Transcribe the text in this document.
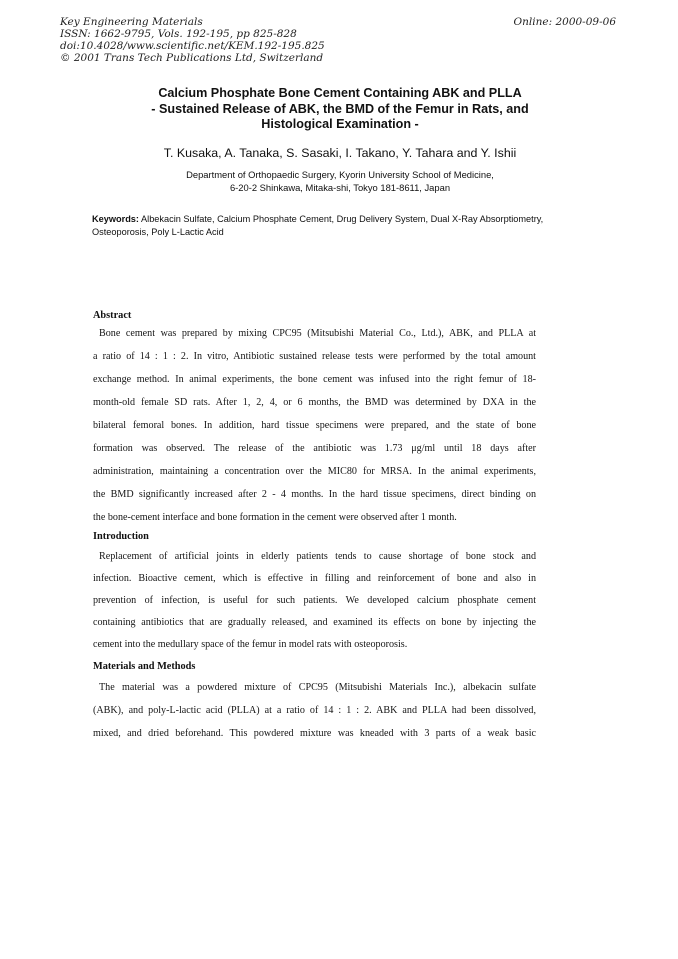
Key Engineering Materials
ISSN: 1662-9795, Vols. 192-195, pp 825-828
doi:10.4028/www.scientific.net/KEM.192-195.825
© 2001 Trans Tech Publications Ltd, Switzerland
Online: 2000-09-06
Calcium Phosphate Bone Cement Containing ABK and PLLA
- Sustained Release of ABK, the BMD of the Femur in Rats, and
Histological Examination -
T. Kusaka, A. Tanaka, S. Sasaki, I. Takano, Y. Tahara and Y. Ishii
Department of Orthopaedic Surgery, Kyorin University School of Medicine,
6-20-2 Shinkawa, Mitaka-shi, Tokyo 181-8611, Japan
Keywords: Albekacin Sulfate, Calcium Phosphate Cement, Drug Delivery System, Dual X-Ray Absorptiometry, Osteoporosis, Poly L-Lactic Acid
Abstract
Bone cement was prepared by mixing CPC95 (Mitsubishi Material Co., Ltd.), ABK, and PLLA at
a ratio of 14 : 1 : 2. In vitro, Antibiotic sustained release tests were performed by the total amount
exchange method. In animal experiments, the bone cement was infused into the right femur of 18-
month-old female SD rats. After 1, 2, 4, or 6 months, the BMD was determined by DXA in the
bilateral femoral bones. In addition, hard tissue specimens were prepared, and the state of bone
formation was observed. The release of the antibiotic was 1.73 μg/ml until 18 days after
administration, maintaining a concentration over the MIC80 for MRSA. In the animal experiments,
the BMD significantly increased after 2 - 4 months. In the hard tissue specimens, direct binding on
the bone-cement interface and bone formation in the cement were observed after 1 month.
Introduction
Replacement of artificial joints in elderly patients tends to cause shortage of bone stock and
infection. Bioactive cement, which is effective in filling and reinforcement of bone and also in
prevention of infection, is useful for such patients. We developed calcium phosphate cement
containing antibiotics that are gradually released, and examined its effects on bone by injecting the
cement into the medullary space of the femur in model rats with osteoporosis.
Materials and Methods
The material was a powdered mixture of CPC95 (Mitsubishi Materials Inc.), albekacin sulfate
(ABK), and poly-L-lactic acid (PLLA) at a ratio of 14 : 1 : 2. ABK and PLLA had been dissolved,
mixed, and dried beforehand. This powdered mixture was kneaded with 3 parts of a weak basic
